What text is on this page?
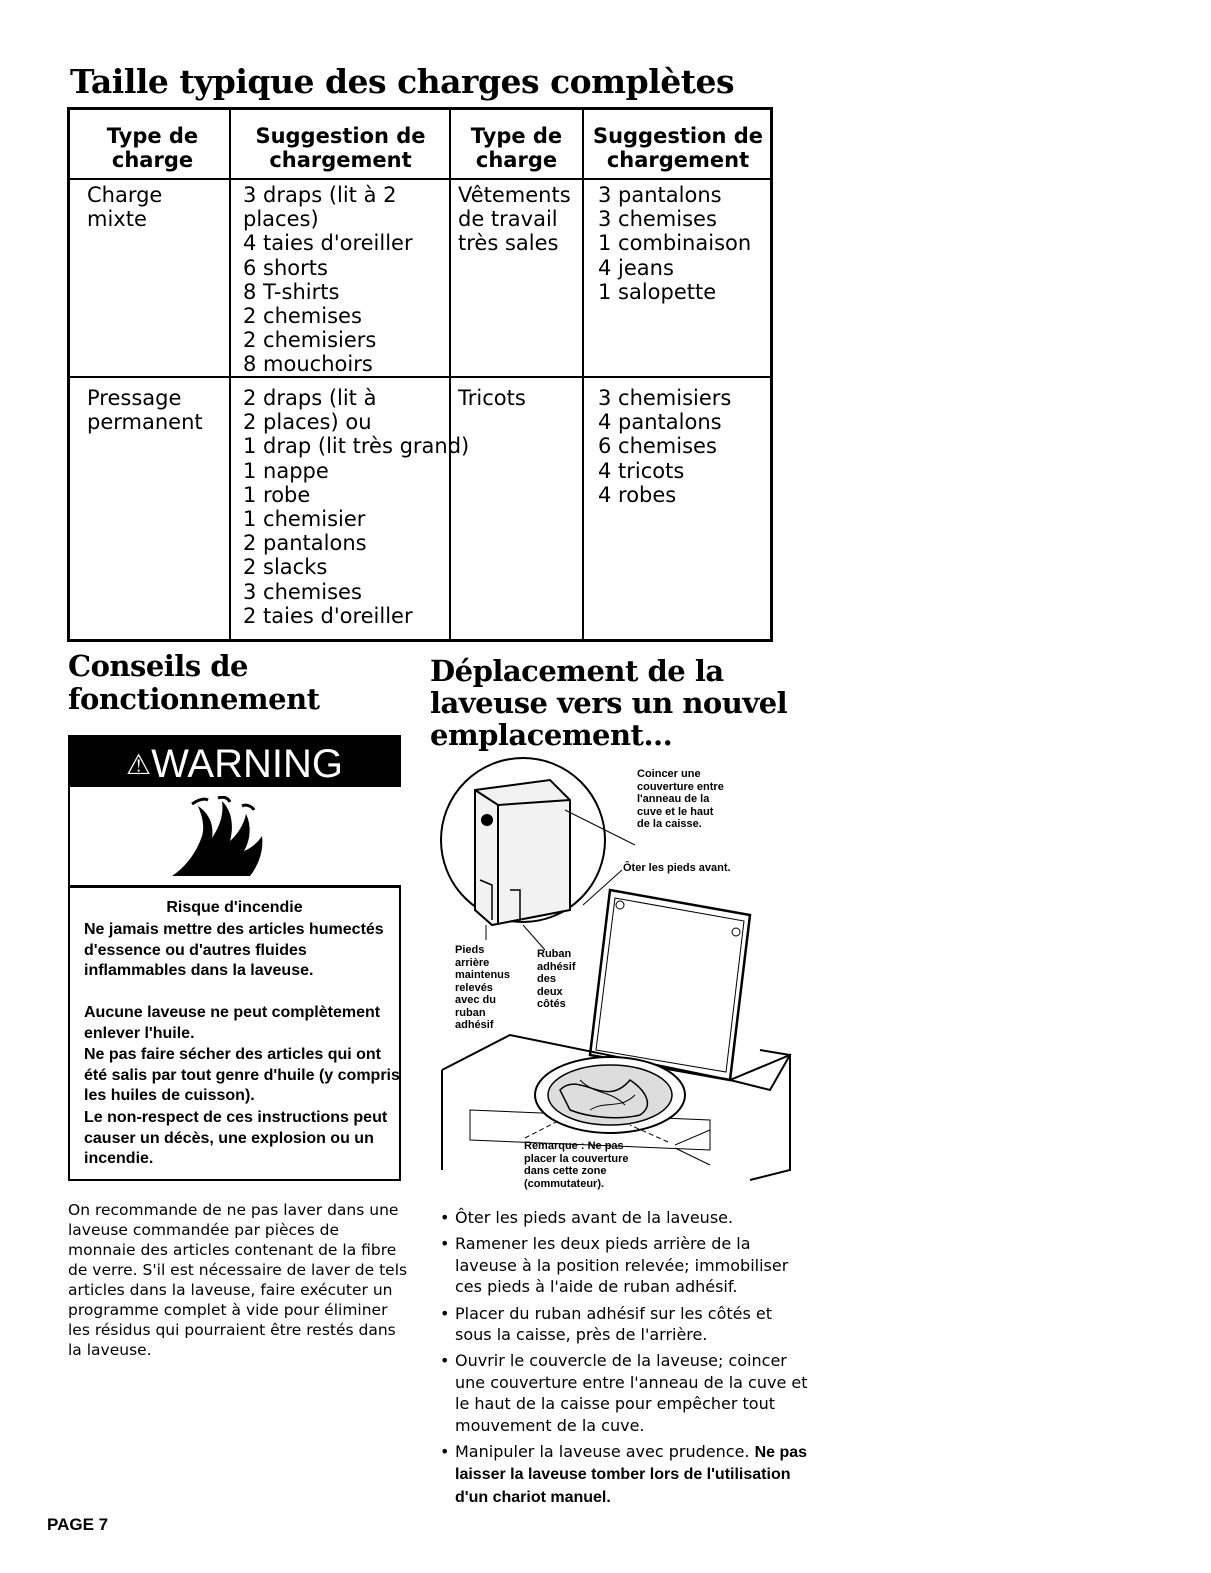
Taille typique des charges complètes
Type de
charge
Suggestion de
chargement
Type de
charge
Suggestion de
chargement
Charge
mixte
3 draps (lit à 2
places)
4 taies d'oreiller
6 shorts
8 T-shirts
2 chemises
2 chemisiers
8 mouchoirs
Vêtements
de travail
très sales
3 pantalons
3 chemises
1 combinaison
4 jeans
1 salopette
Pressage
permanent
2 draps (lit à
2 places) ou
1 drap (lit très grand)
1 nappe
1 robe
1 chemisier
2 pantalons
2 slacks
3 chemises
2 taies d'oreiller
Tricots	3 chemisiers
4 pantalons
6 chemises
4 tricots
4 robes
Conseils de
fonctionnement
⚠WARNING
Risque d'incendie
Ne jamais mettre des articles humectés d'essence ou d'autres fluides inflammables dans la laveuse.
Aucune laveuse ne peut complètement enlever l'huile.
Ne pas faire sécher des articles qui ont été salis par tout genre d'huile (y compris les huiles de cuisson).
Le non-respect de ces instructions peut causer un décès, une explosion ou un incendie.
On recommande de ne pas laver dans une laveuse commandée par pièces de monnaie des articles contenant de la fibre de verre. S'il est nécessaire de laver de tels articles dans la laveuse, faire exécuter un programme complet à vide pour éliminer les résidus qui pourraient être restés dans la laveuse.
Déplacement de la
laveuse vers un nouvel
emplacement...
Coincer une
couverture entre
l'anneau de la
cuve et le haut
de la caisse.
Ôter les pieds avant.
Pieds
arrière
maintenus
relevés
avec du
ruban
adhésif
Ruban
adhésif
des
deux
côtés
Remarque : Ne pas
placer la couverture
dans cette zone
(commutateur).
• Ôter les pieds avant de la laveuse.
• Ramener les deux pieds arrière de la laveuse à la position relevée; immobiliser ces pieds à l'aide de ruban adhésif.
• Placer du ruban adhésif sur les côtés et sous la caisse, près de l'arrière.
• Ouvrir le couvercle de la laveuse; coincer une couverture entre l'anneau de la cuve et le haut de la caisse pour empêcher tout mouvement de la cuve.
• Manipuler la laveuse avec prudence. Ne pas laisser la laveuse tomber lors de l'utilisation d'un chariot manuel.
PAGE 7
